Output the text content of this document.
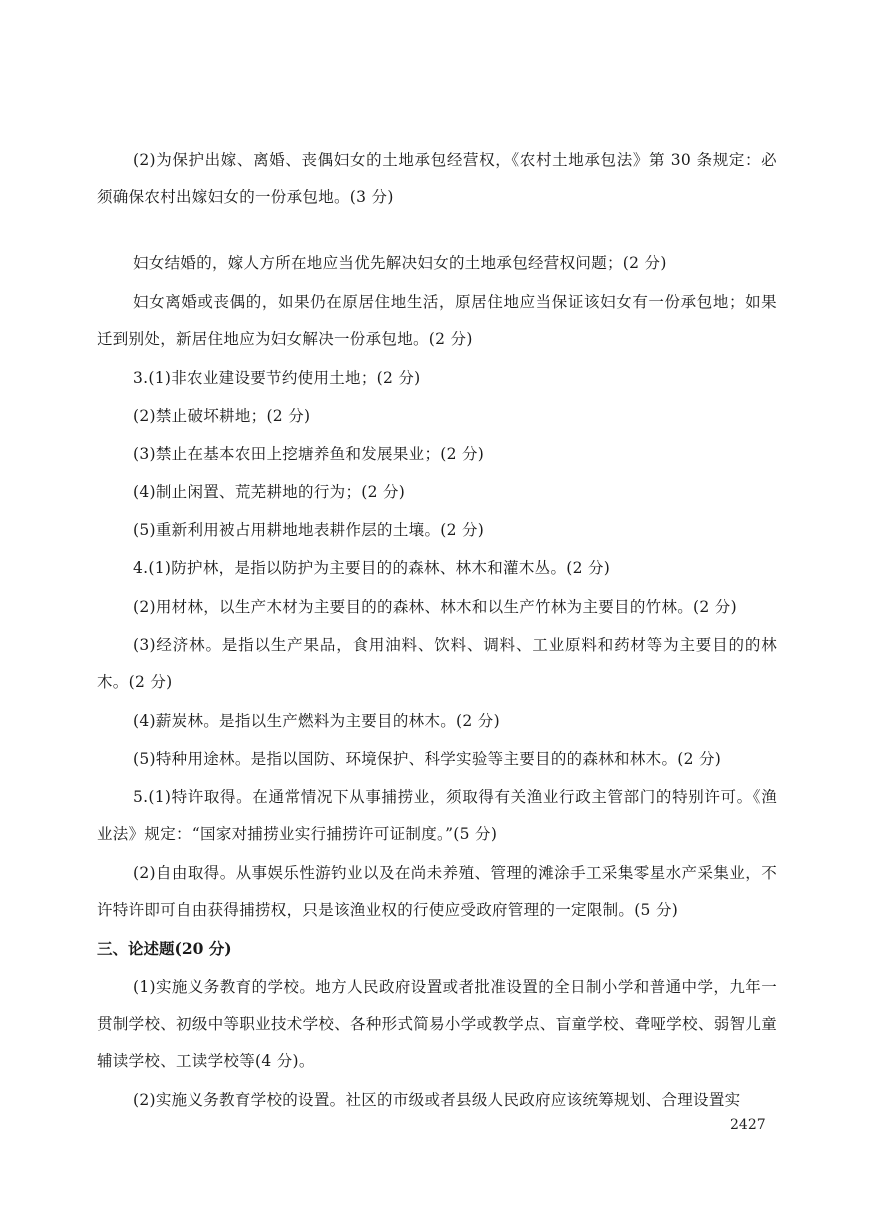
(2)为保护出嫁、离婚、丧偶妇女的土地承包经营权，《农村土地承包法》第 30 条规定：必须确保农村出嫁妇女的一份承包地。(3 分)

妇女结婚的，嫁人方所在地应当优先解决妇女的土地承包经营权问题；(2 分)

妇女离婚或丧偶的，如果仍在原居住地生活，原居住地应当保证该妇女有一份承包地；如果迁到别处，新居住地应为妇女解决一份承包地。(2 分)

3.(1)非农业建设要节约使用土地；(2 分)

(2)禁止破坏耕地；(2 分)

(3)禁止在基本农田上挖塘养鱼和发展果业；(2 分)

(4)制止闲置、荒芜耕地的行为；(2 分)

(5)重新利用被占用耕地地表耕作层的土壤。(2 分)

4.(1)防护林，是指以防护为主要目的的森林、林木和灌木丛。(2 分)

(2)用材林，以生产木材为主要目的的森林、林木和以生产竹林为主要目的竹林。(2 分)

(3)经济林。是指以生产果品，食用油料、饮料、调料、工业原料和药材等为主要目的的林木。(2 分)

(4)薪炭林。是指以生产燃料为主要目的林木。(2 分)

(5)特种用途林。是指以国防、环境保护、科学实验等主要目的的森林和林木。(2 分)

5.(1)特许取得。在通常情况下从事捕捞业，须取得有关渔业行政主管部门的特别许可。《渔业法》规定：“国家对捕捞业实行捕捞许可证制度。”(5 分)

(2)自由取得。从事娱乐性游钓业以及在尚未养殖、管理的滩涂手工采集零星水产采集业，不许特许即可自由获得捕捞权，只是该渔业权的行使应受政府管理的一定限制。(5 分)

三、论述题(20 分)

(1)实施义务教育的学校。地方人民政府设置或者批准设置的全日制小学和普通中学，九年一贯制学校、初级中等职业技术学校、各种形式简易小学或教学点、盲童学校、聋哑学校、弱智儿童辅读学校、工读学校等(4 分)。

(2)实施义务教育学校的设置。社区的市级或者县级人民政府应该统筹规划、合理设置实

2427
